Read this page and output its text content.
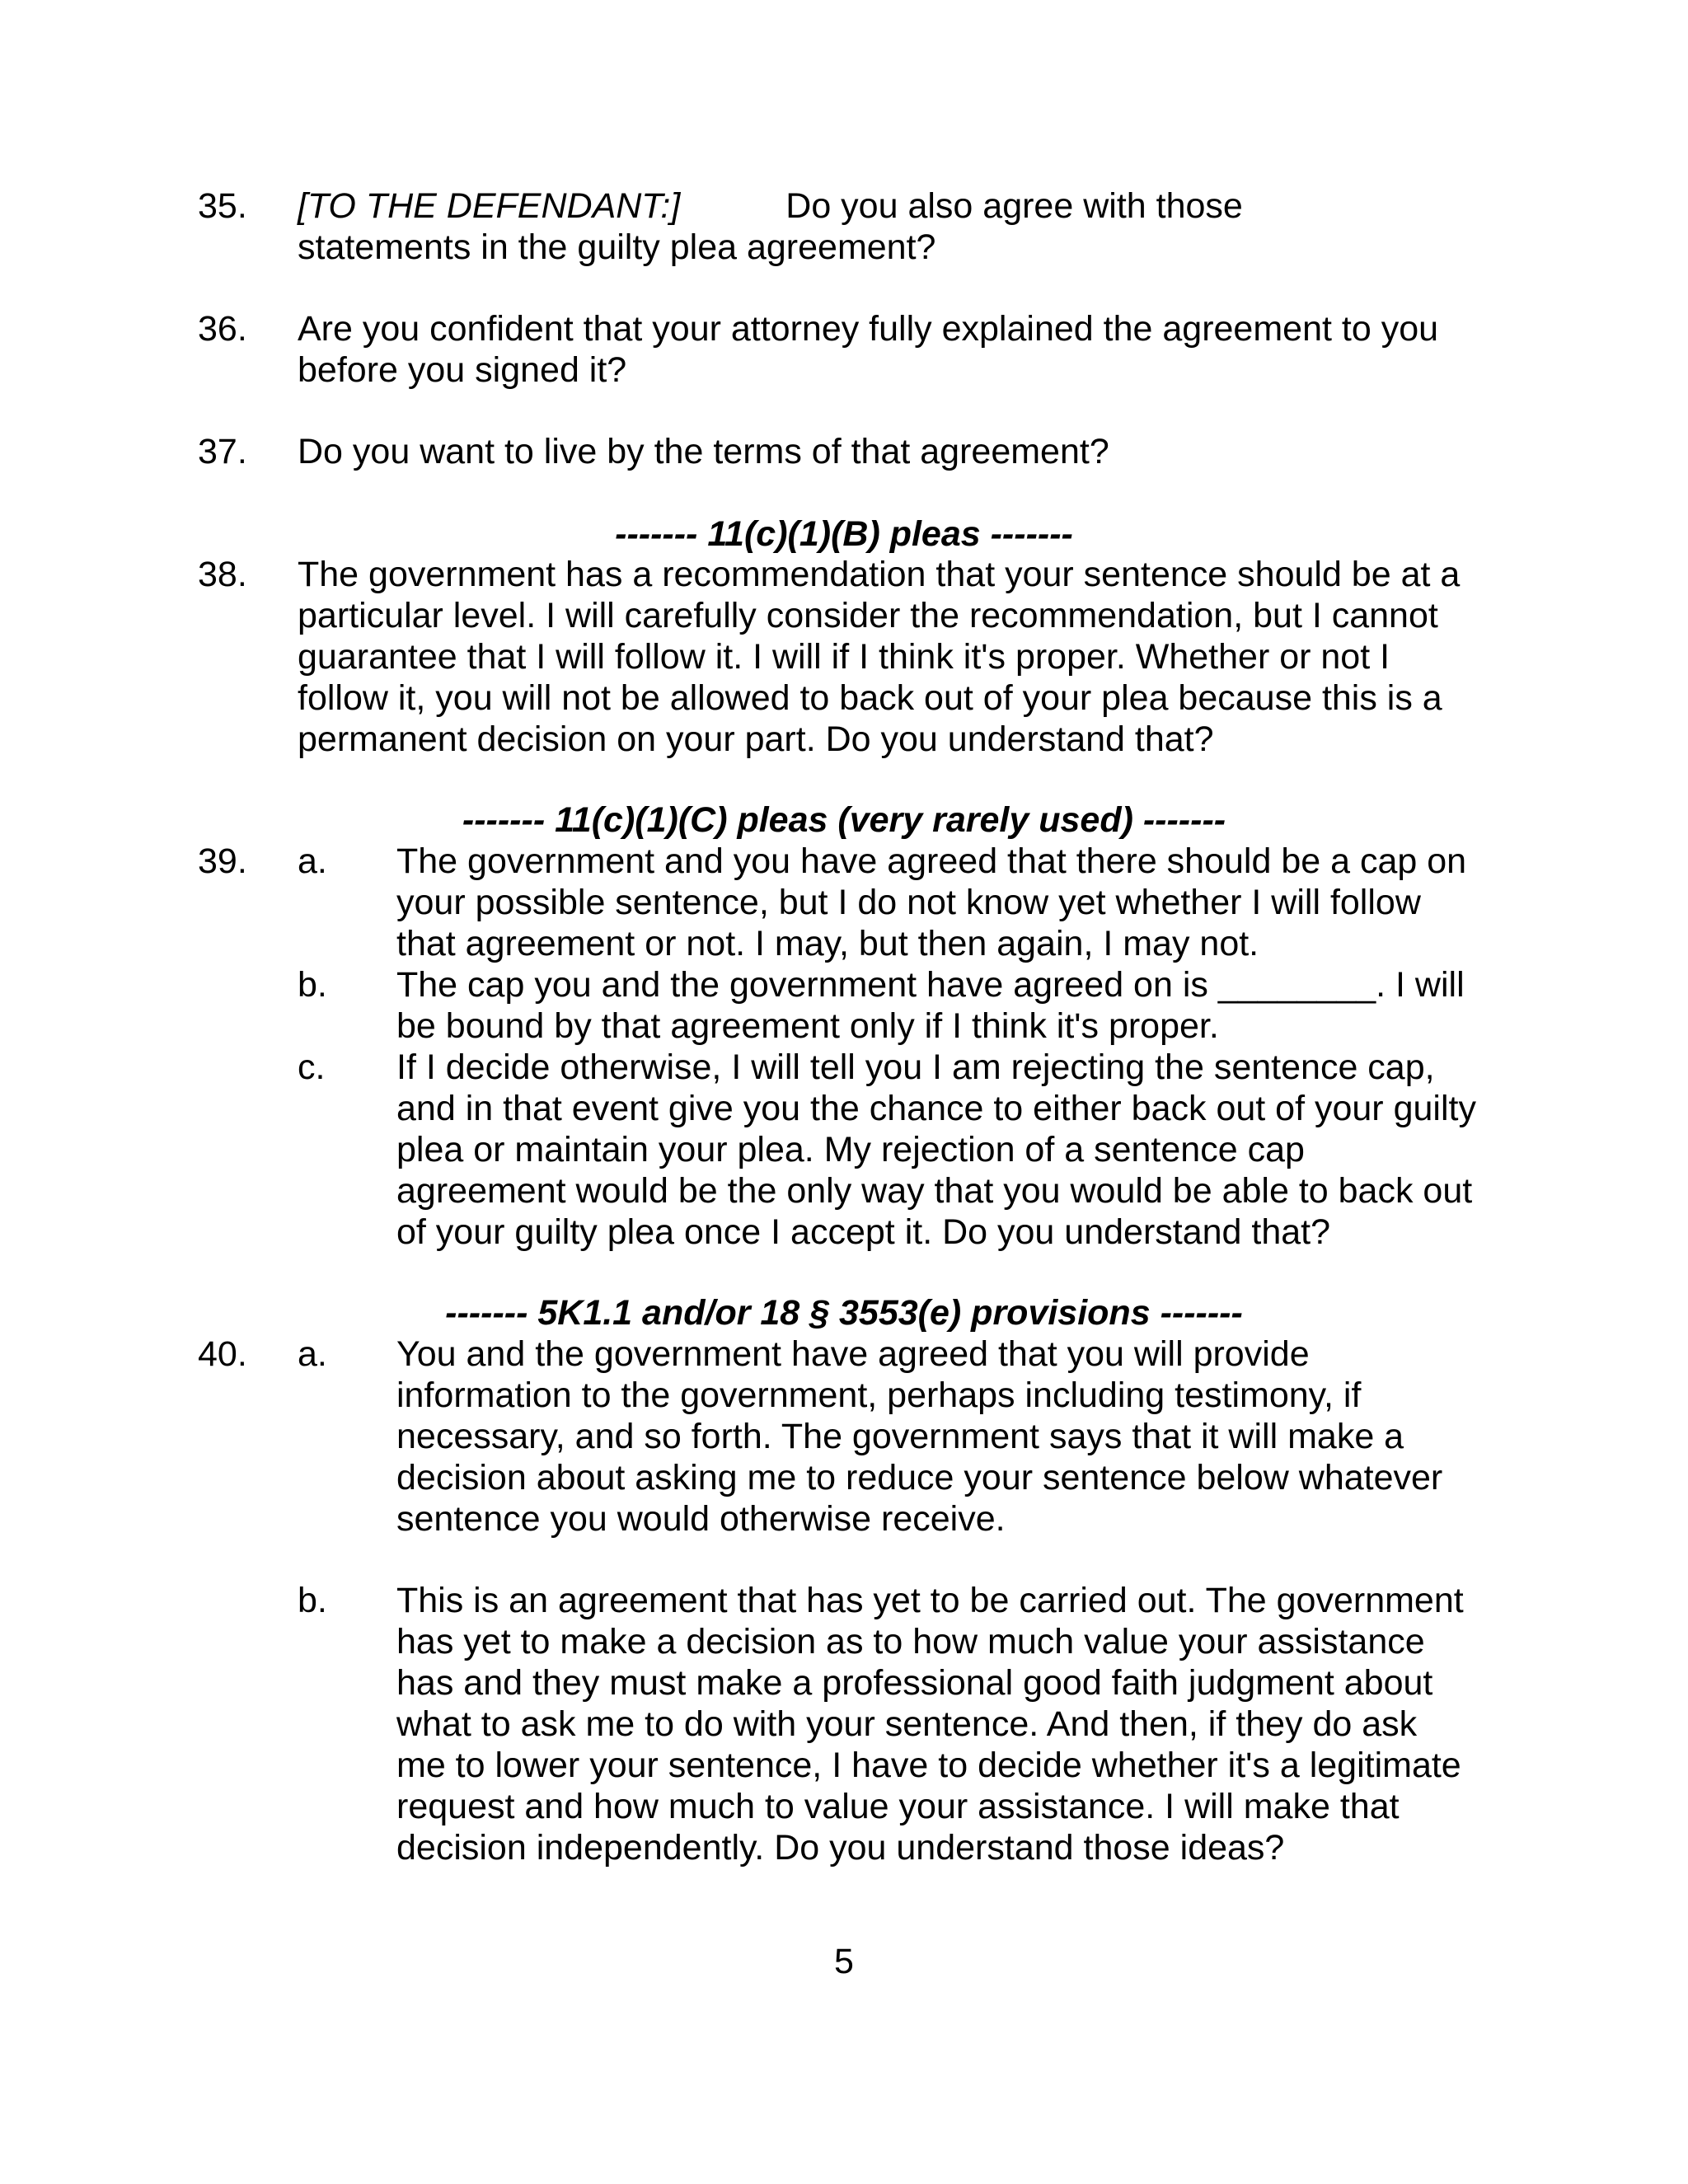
35. [TO THE DEFENDANT:]	Do you also agree with those
statements in the guilty plea agreement?
36. Are you confident that your attorney fully explained the agreement to you
before you signed it?
37. Do you want to live by the terms of that agreement?
------- 11(c)(1)(B) pleas -------
38. The government has a recommendation that your sentence should be at a
particular level. I will carefully consider the recommendation, but I cannot
guarantee that I will follow it. I will if I think it's proper. Whether or not I
follow it, you will not be allowed to back out of your plea because this is a
permanent decision on your part. Do you understand that?
------- 11(c)(1)(C) pleas (very rarely used) -------
39. a. The government and you have agreed that there should be a cap on
your possible sentence, but I do not know yet whether I will follow
that agreement or not. I may, but then again, I may not.
b. The cap you and the government have agreed on is ________. I will
be bound by that agreement only if I think it's proper.
c. If I decide otherwise, I will tell you I am rejecting the sentence cap,
and in that event give you the chance to either back out of your guilty
plea or maintain your plea. My rejection of a sentence cap
agreement would be the only way that you would be able to back out
of your guilty plea once I accept it. Do you understand that?
------- 5K1.1 and/or 18 § 3553(e) provisions -------
40. a. You and the government have agreed that you will provide
information to the government, perhaps including testimony, if
necessary, and so forth. The government says that it will make a
decision about asking me to reduce your sentence below whatever
sentence you would otherwise receive.
b. This is an agreement that has yet to be carried out. The government
has yet to make a decision as to how much value your assistance
has and they must make a professional good faith judgment about
what to ask me to do with your sentence. And then, if they do ask
me to lower your sentence, I have to decide whether it's a legitimate
request and how much to value your assistance. I will make that
decision independently. Do you understand those ideas?
5
